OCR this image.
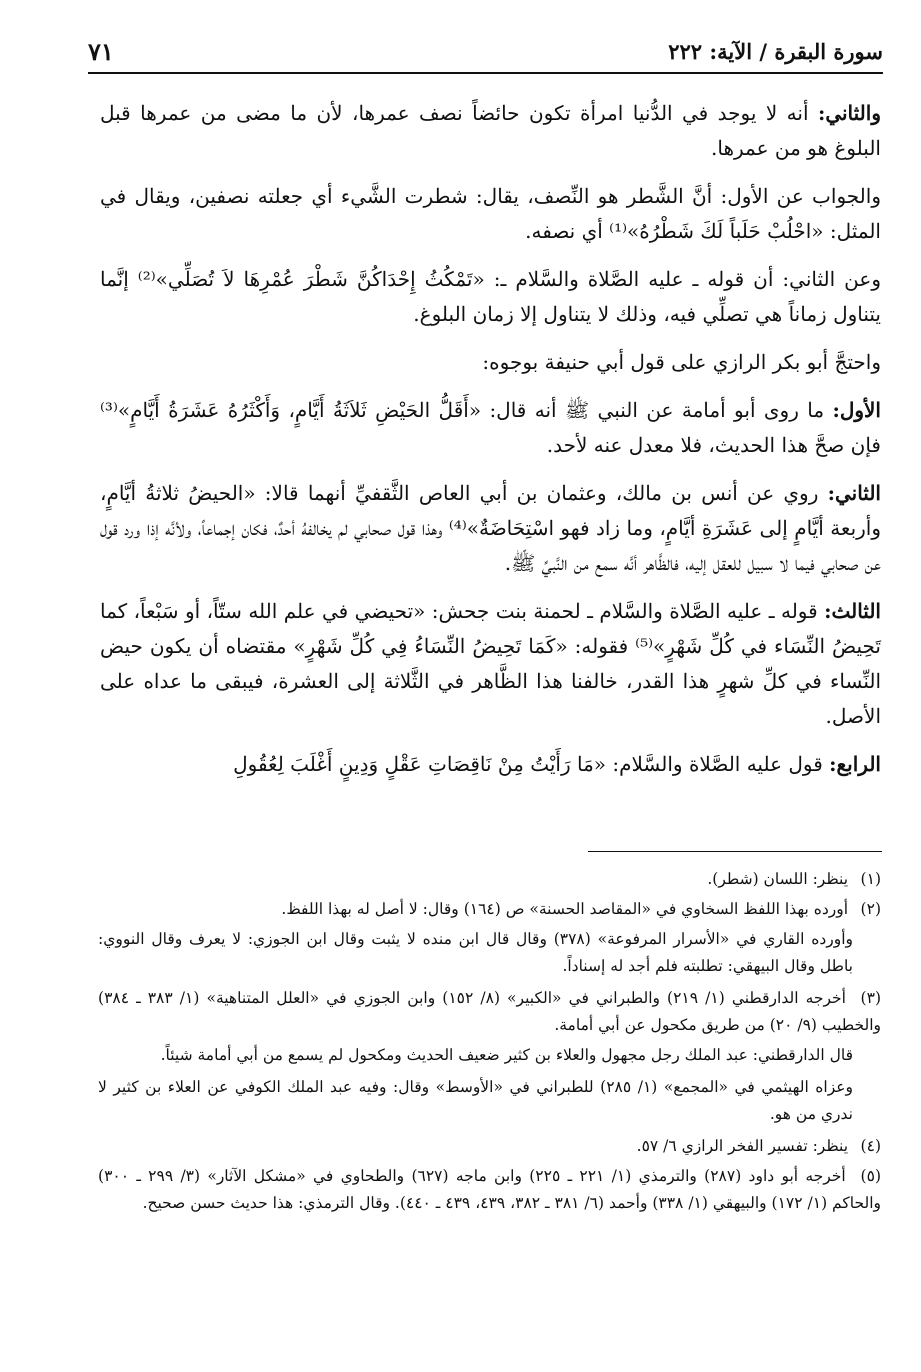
سورة البقرة / الآية: ٢٢٢
٧١

والثاني: أنه لا يوجد في الدُّنيا امرأة تكون حائضاً نصف عمرها، لأن ما مضى من عمرها قبل البلوغ هو من عمرها.

والجواب عن الأول: أنَّ الشَّطر هو النِّصف، يقال: شطرت الشَّيء أي جعلته نصفين، ويقال في المثل: «احْلُبْ حَلَباً لَكَ شَطْرُهُ»⁽¹⁾ أي نصفه.

وعن الثاني: أن قوله ـ عليه الصَّلاة والسَّلام ـ: «تَمْكُثُ إِحْدَاكُنَّ شَطْرَ عُمْرِهَا لاَ تُصَلِّي»⁽²⁾ إنَّما يتناول زماناً هي تصلِّي فيه، وذلك لا يتناول إلا زمان البلوغ.

واحتجَّ أبو بكر الرازي على قول أبي حنيفة بوجوه:

الأول: ما روى أبو أمامة عن النبي ﷺ أنه قال: «أَقَلُّ الحَيْضِ ثَلاَثَةُ أَيَّامٍ، وَأَكْثَرُهُ عَشَرَةُ أَيَّامٍ»⁽³⁾ فإن صحَّ هذا الحديث، فلا معدل عنه لأحد.

الثاني: روي عن أنس بن مالك، وعثمان بن أبي العاص الثَّقفيِّ أنهما قالا: «الحيضُ ثلاثةُ أيَّامٍ، وأربعة أيَّامٍ إلى عَشَرَةِ أيَّامٍ، وما زاد فهو اسْتِحَاضَةٌ»⁽⁴⁾ وهذا قول صحابي لم يخالفهُ أحدٌ، فكان إجماعاً، ولأنَّه إذا ورد قول عن صحابي فيما لا سبيل للعقل إليه، فالظَّاهر أنَّه سمع من النَّبيِّ ﷺ.

الثالث: قوله ـ عليه الصَّلاة والسَّلام ـ لحمنة بنت جحش: «تحيضي في علم الله ستّاً، أو سَبْعاً، كما تَحِيضُ النِّسَاء في كُلِّ شَهْرٍ»⁽⁵⁾ فقوله: «كَمَا تَحِيضُ النِّسَاءُ فِي كُلِّ شَهْرٍ» مقتضاه أن يكون حيض النِّساء في كلِّ شهرٍ هذا القدر، خالفنا هذا الظَّاهر في الثَّلاثة إلى العشرة، فيبقى ما عداه على الأصل.

الرابع: قول عليه الصَّلاة والسَّلام: «مَا رَأَيْتُ مِنْ نَاقِصَاتِ عَقْلٍ وَدِينٍ أَغْلَبَ لِعُقُولِ

(١) ينظر: اللسان (شطر).
(٢) أورده بهذا اللفظ السخاوي في «المقاصد الحسنة» ص (١٦٤) وقال: لا أصل له بهذا اللفظ.
وأورده القاري في «الأسرار المرفوعة» (٣٧٨) وقال قال ابن منده لا يثبت وقال ابن الجوزي: لا يعرف وقال النووي: باطل وقال البيهقي: تطلبته فلم أجد له إسناداً.
(٣) أخرجه الدارقطني (١/ ٢١٩) والطبراني في «الكبير» (٨/ ١٥٢) وابن الجوزي في «العلل المتناهية» (١/ ٣٨٣ ـ ٣٨٤) والخطيب (٩/ ٢٠) من طريق مكحول عن أبي أمامة.
قال الدارقطني: عبد الملك رجل مجهول والعلاء بن كثير ضعيف الحديث ومكحول لم يسمع من أبي أمامة شيئاً.
وعزاه الهيثمي في «المجمع» (١/ ٢٨٥) للطبراني في «الأوسط» وقال: وفيه عبد الملك الكوفي عن العلاء بن كثير لا ندري من هو.
(٤) ينظر: تفسير الفخر الرازي ٦/ ٥٧.
(٥) أخرجه أبو داود (٢٨٧) والترمذي (١/ ٢٢١ ـ ٢٢٥) وابن ماجه (٦٢٧) والطحاوي في «مشكل الآثار» (٣/ ٢٩٩ ـ ٣٠٠) والحاكم (١/ ١٧٢) والبيهقي (١/ ٣٣٨) وأحمد (٦/ ٣٨١ ـ ٣٨٢، ٤٣٩، ٤٣٩ ـ ٤٤٠). وقال الترمذي: هذا حديث حسن صحيح.
